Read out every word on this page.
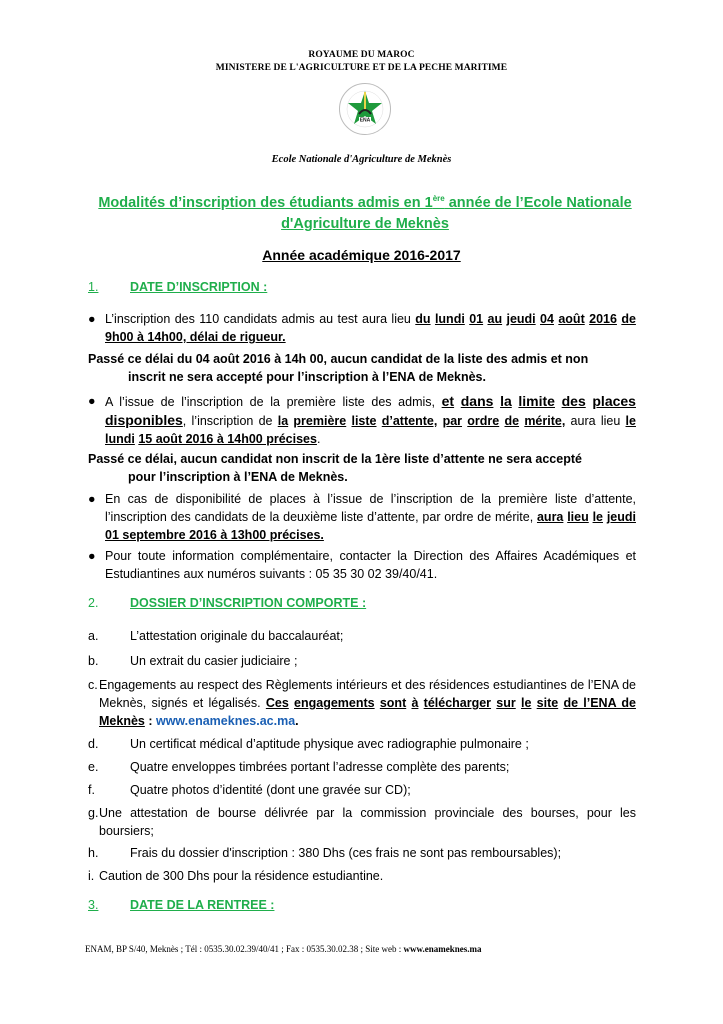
ROYAUME DU MAROC
MINISTERE DE L'AGRICULTURE ET DE LA PECHE MARITIME
ENA
Ecole Nationale d'Agriculture de Meknès
Modalités d’inscription des étudiants admis en 1ère année de l’Ecole Nationale
d'Agriculture de Meknès
Année académique 2016-2017
1.	DATE D’INSCRIPTION :
● L’inscription des 110 candidats admis au test aura lieu du lundi 01 au jeudi 04 août 2016 de 9h00 à 14h00, délai de rigueur.
Passé ce délai du 04 août 2016 à 14h 00, aucun candidat de la liste des admis et non
inscrit ne sera accepté pour l’inscription à l’ENA de Meknès.
● A l’issue de l’inscription de la première liste des admis, et dans la limite des places disponibles, l’inscription de la première liste d’attente, par ordre de mérite, aura lieu le lundi 15 août 2016 à 14h00 précises.
Passé ce délai, aucun candidat non inscrit de la 1ère liste d’attente ne sera accepté
pour l’inscription à l’ENA de Meknès.
● En cas de disponibilité de places à l’issue de l’inscription de la première liste d’attente, l’inscription des candidats de la deuxième liste d’attente, par ordre de mérite, aura lieu le jeudi 01 septembre 2016 à 13h00 précises.
● Pour toute information complémentaire, contacter la Direction des Affaires Académiques et Estudiantines aux numéros suivants : 05 35 30 02 39/40/41.
2.	DOSSIER D’INSCRIPTION COMPORTE :
a.	L’attestation originale du baccalauréat;
b.	Un extrait du casier judiciaire ;
c. Engagements au respect des Règlements intérieurs et des résidences estudiantines de l’ENA de Meknès, signés et légalisés. Ces engagements sont à télécharger sur le site de l’ENA de Meknès : www.enameknes.ac.ma.
d.	Un certificat médical d’aptitude physique avec radiographie pulmonaire ;
e.	Quatre enveloppes timbrées portant l’adresse complète des parents;
f.	Quatre photos d’identité (dont une gravée sur CD);
g. Une attestation de bourse délivrée par la commission provinciale des bourses, pour les boursiers;
h.	Frais du dossier d'inscription : 380 Dhs (ces frais ne sont pas remboursables);
i. Caution de 300 Dhs pour la résidence estudiantine.
3.	DATE DE LA RENTREE :
ENAM, BP S/40, Meknès ; Tél : 0535.30.02.39/40/41 ; Fax : 0535.30.02.38 ; Site web : www.enameknes.ma
